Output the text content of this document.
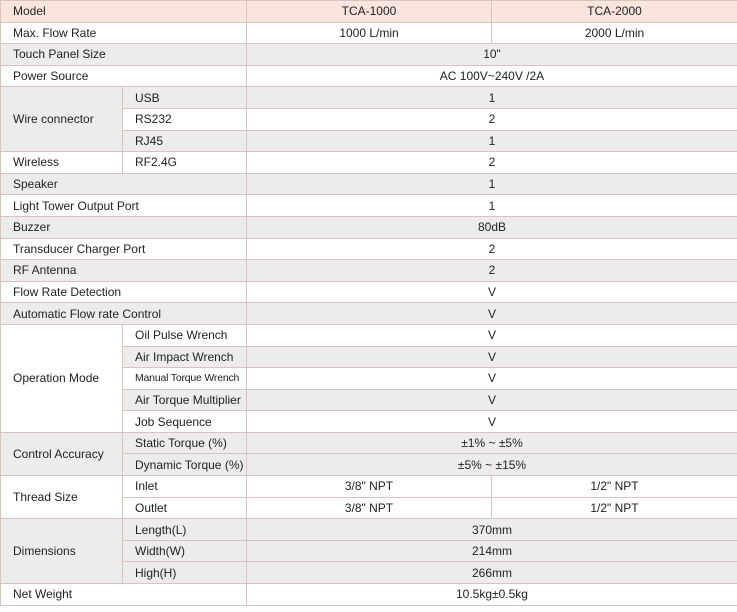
Model		TCA-1000	TCA-2000
Max. Flow Rate		1000 L/min	2000 L/min
Touch Panel Size		10"	
Power Source		AC 100V~240V /2A	
Wire connector	USB	1	
	RS232	2	
	RJ45	1	
Wireless	RF2.4G	2	
Speaker		1	
Light Tower Output Port		1	
Buzzer		80dB	
Transducer Charger Port		2	
RF Antenna		2	
Flow Rate Detection		V	
Automatic Flow rate Control		V	
Operation Mode	Oil Pulse Wrench	V	
	Air Impact Wrench	V	
	Manual Torque Wrench	V	
	Air Torque Multiplier	V	
	Job Sequence	V	
Control Accuracy	Static Torque (%)	±1% ~ ±5%	
	Dynamic Torque (%)	±5% ~ ±15%	
Thread Size	Inlet	3/8" NPT	1/2" NPT
	Outlet	3/8" NPT	1/2" NPT
Dimensions	Length(L)	370mm	
	Width(W)	214mm	
	High(H)	266mm	
Net Weight		10.5kg±0.5kg	
